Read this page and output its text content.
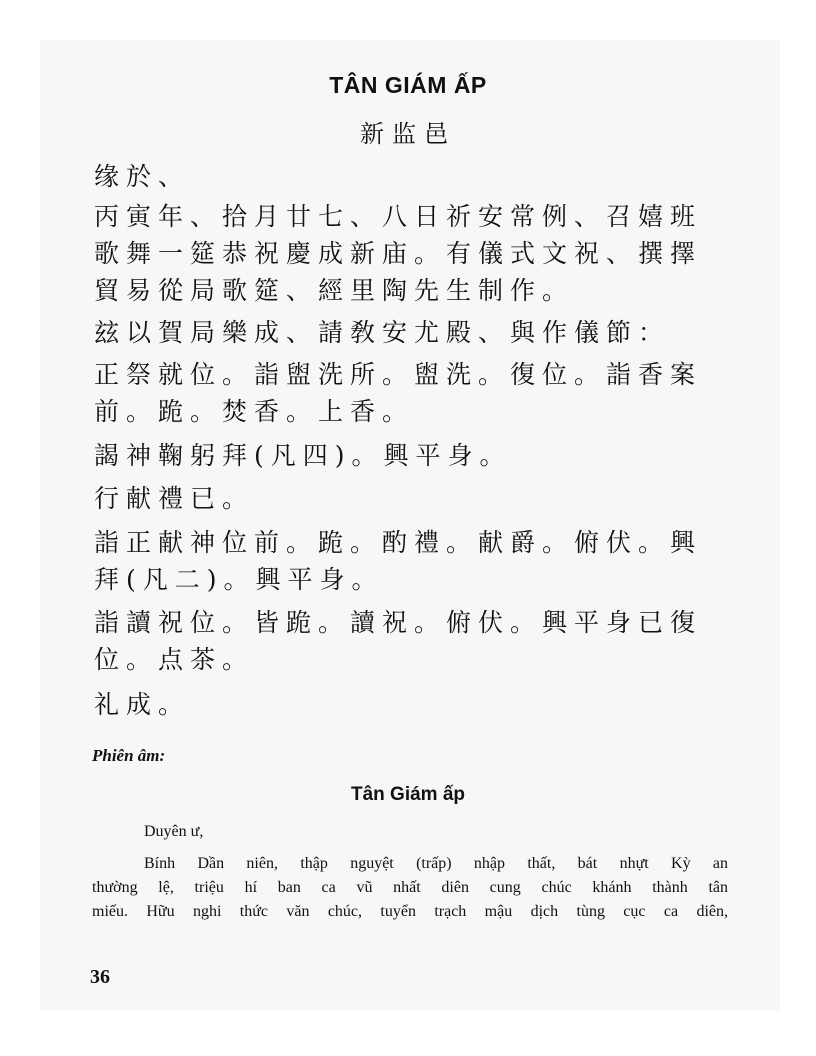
TÂN GIÁM ẤP
新监邑
缘於、
丙寅年、拾月廿七、八日祈安常例、召嬉班
歌舞一筵恭祝慶成新庙。有儀式文祝、撰擇
貿易從局歌筵、經里陶先生制作。
玆以賀局樂成、請敎安尤殿、與作儀節：
正祭就位。詣盥洗所。盥洗。復位。詣香案
前。跪。焚香。上香。
謁神鞠躬拜(凡四)。興平身。
行献禮已。
詣正献神位前。跪。酌禮。献爵。俯伏。興
拜(凡二)。興平身。
詣讀祝位。皆跪。讀祝。俯伏。興平身已復
位。点茶。
礼成。
Phiên âm:
Tân Giám ấp
Duyên ư,
Bính Dần niên, thập nguyệt (trấp) nhập thất, bát nhựt Kỳ an
thường lệ, triệu hí ban ca vũ nhất diên cung chúc khánh thành tân
miếu. Hữu nghi thức văn chúc, tuyển trạch mậu dịch tùng cục ca diên,
36
